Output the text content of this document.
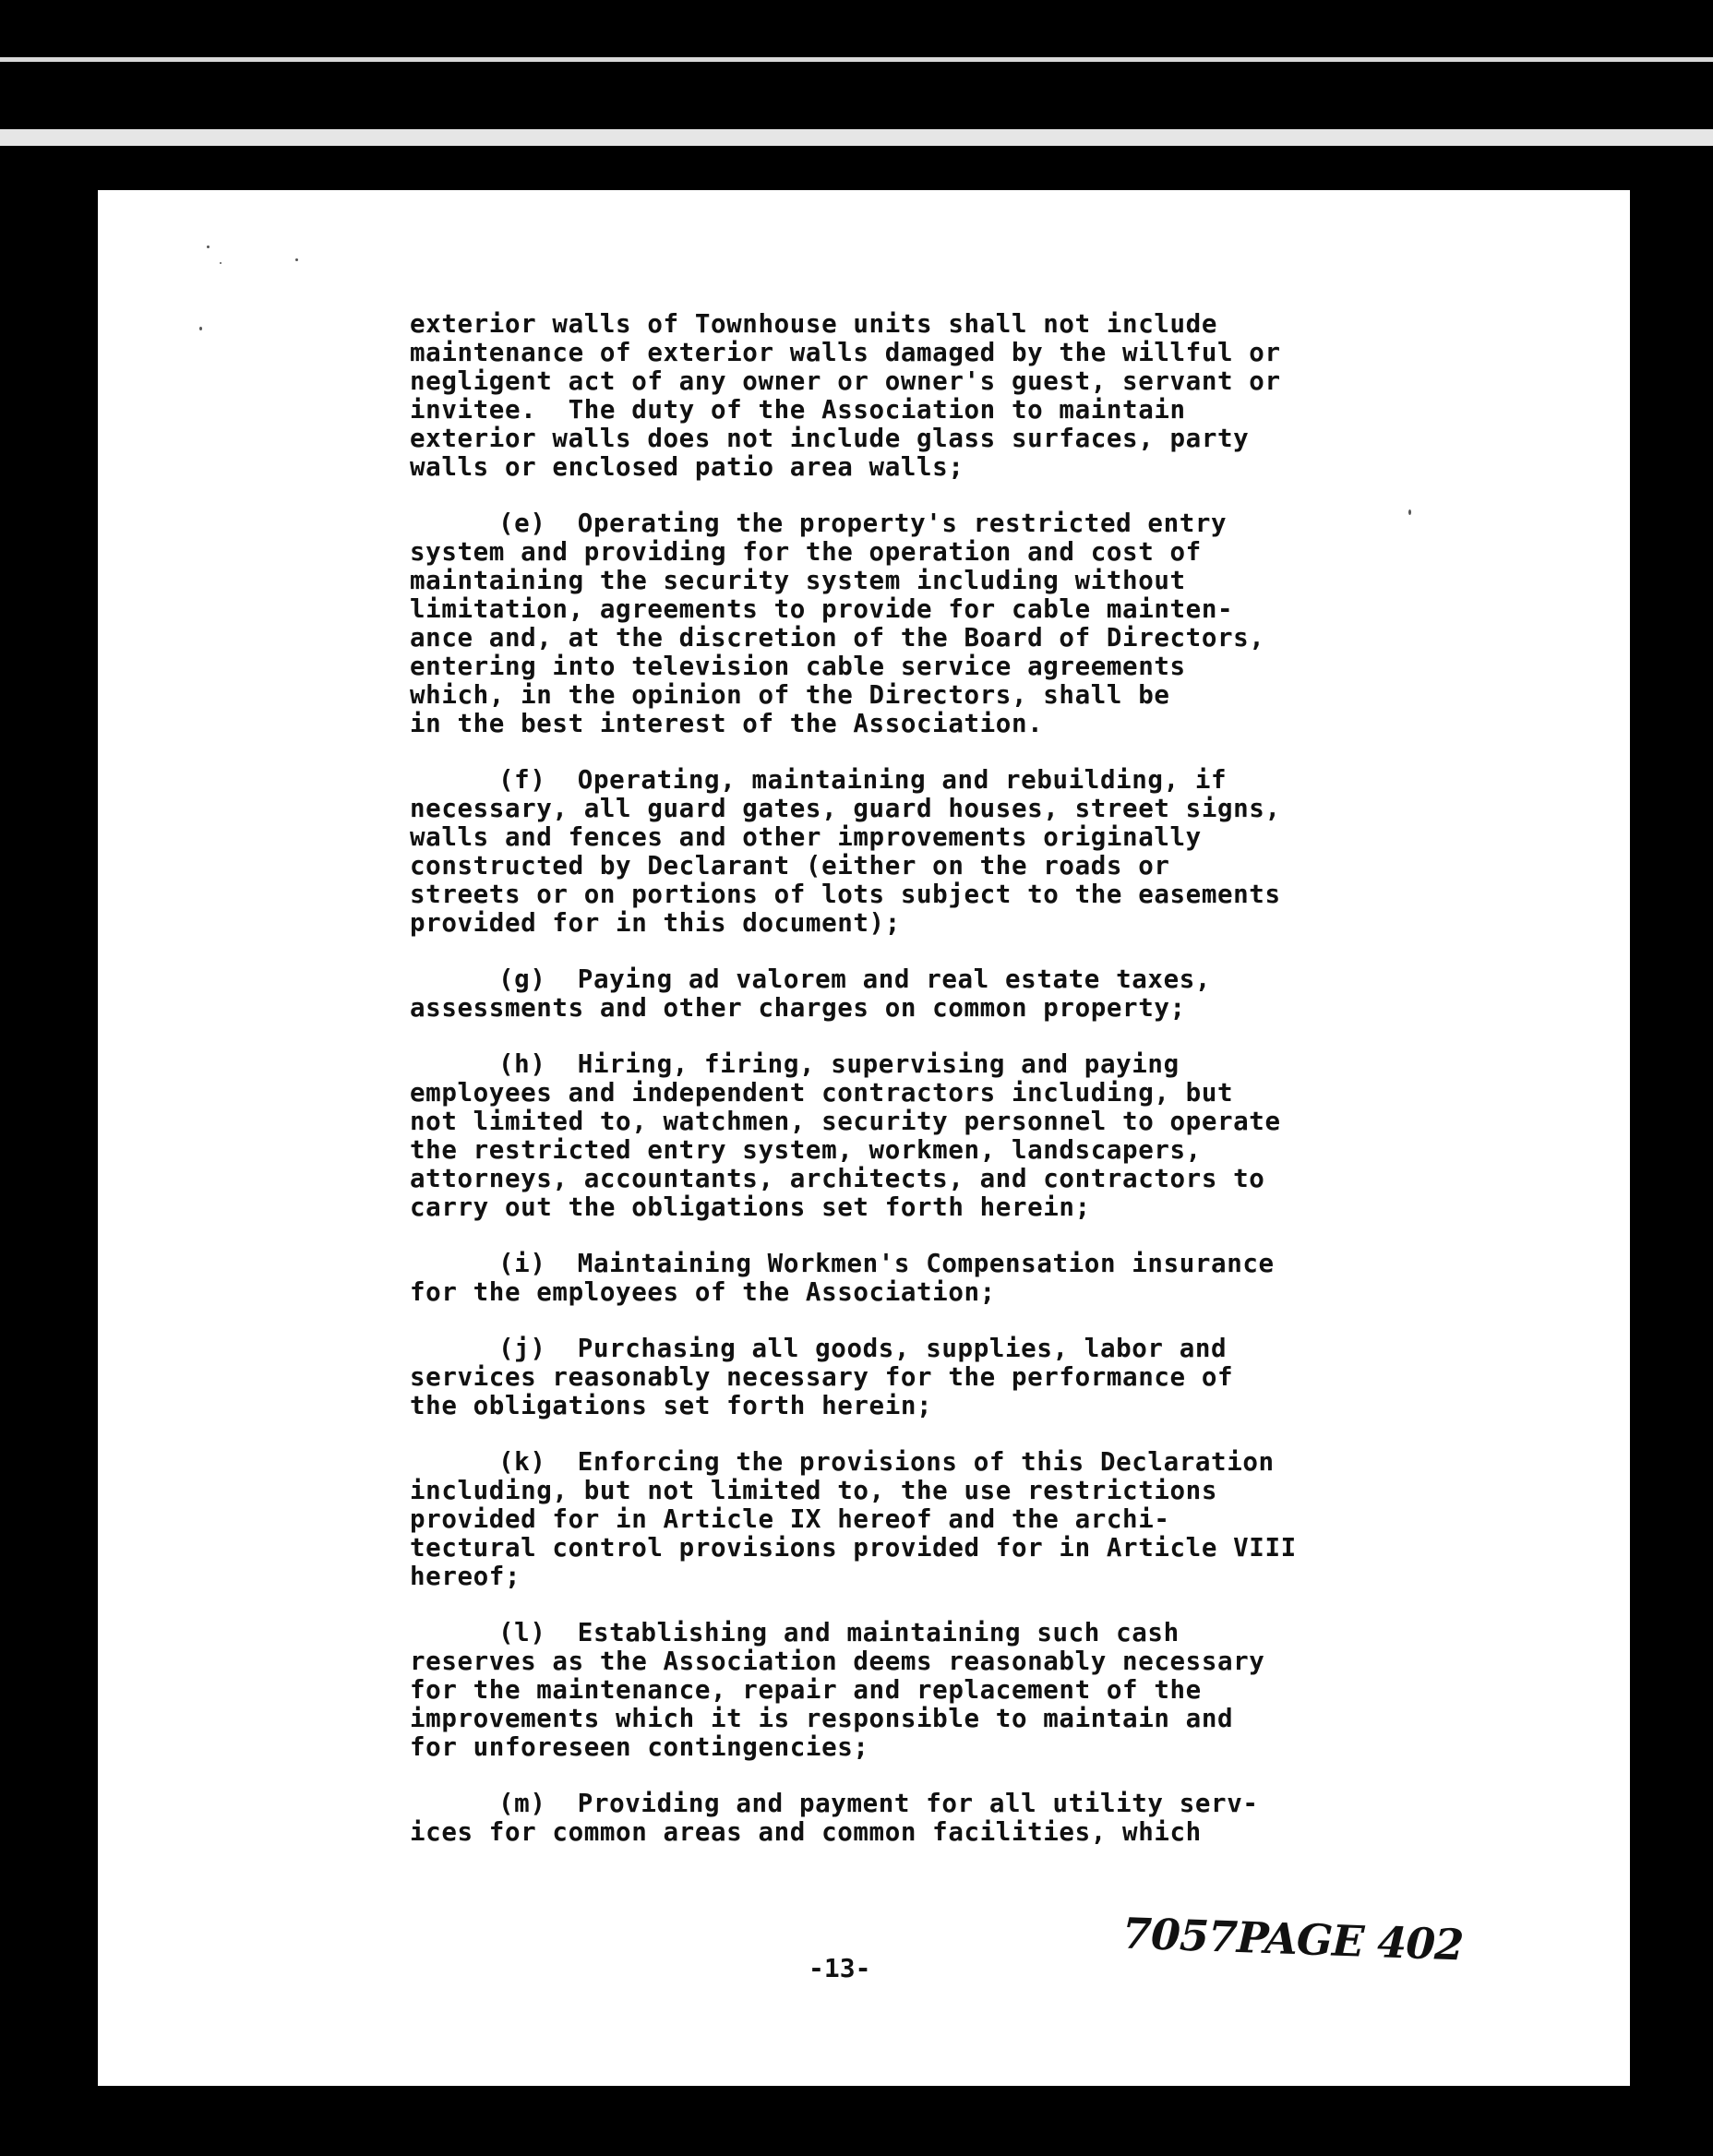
exterior walls of Townhouse units shall not include
maintenance of exterior walls damaged by the willful or
negligent act of any owner or owner's guest, servant or
invitee.  The duty of the Association to maintain
exterior walls does not include glass surfaces, party
walls or enclosed patio area walls;
(e)  Operating the property's restricted entry
system and providing for the operation and cost of
maintaining the security system including without
limitation, agreements to provide for cable mainten-
ance and, at the discretion of the Board of Directors,
entering into television cable service agreements
which, in the opinion of the Directors, shall be
in the best interest of the Association.
(f)  Operating, maintaining and rebuilding, if
necessary, all guard gates, guard houses, street signs,
walls and fences and other improvements originally
constructed by Declarant (either on the roads or
streets or on portions of lots subject to the easements
provided for in this document);
(g)  Paying ad valorem and real estate taxes,
assessments and other charges on common property;
(h)  Hiring, firing, supervising and paying
employees and independent contractors including, but
not limited to, watchmen, security personnel to operate
the restricted entry system, workmen, landscapers,
attorneys, accountants, architects, and contractors to
carry out the obligations set forth herein;
(i)  Maintaining Workmen's Compensation insurance
for the employees of the Association;
(j)  Purchasing all goods, supplies, labor and
services reasonably necessary for the performance of
the obligations set forth herein;
(k)  Enforcing the provisions of this Declaration
including, but not limited to, the use restrictions
provided for in Article IX hereof and the archi-
tectural control provisions provided for in Article VIII
hereof;
(l)  Establishing and maintaining such cash
reserves as the Association deems reasonably necessary
for the maintenance, repair and replacement of the
improvements which it is responsible to maintain and
for unforeseen contingencies;
(m)  Providing and payment for all utility serv-
ices for common areas and common facilities, which
7057PAGE 402
-13-
